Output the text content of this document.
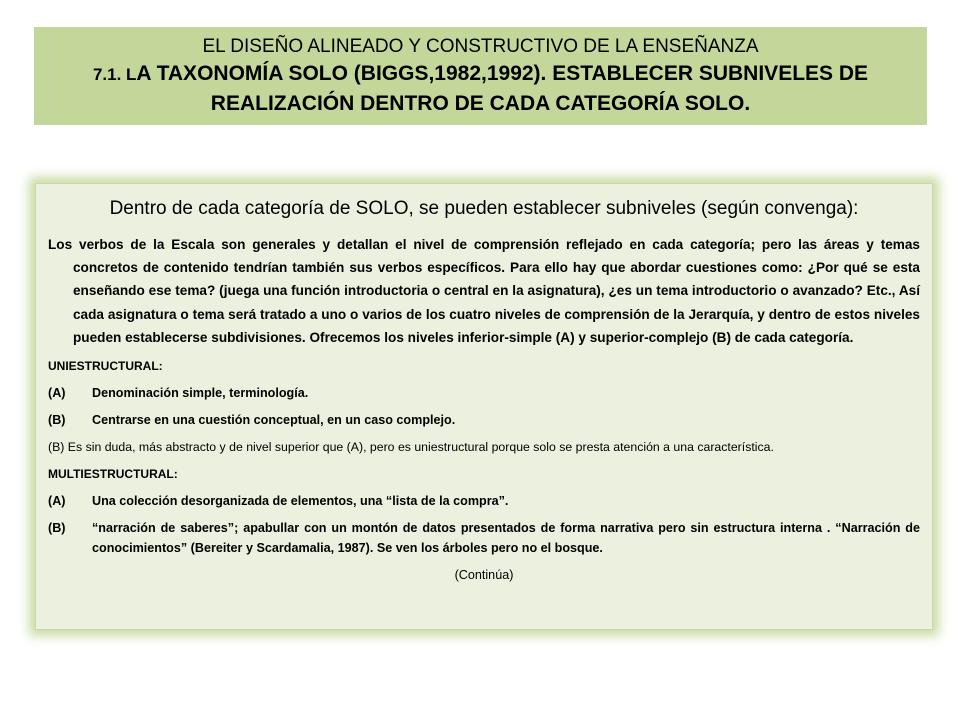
EL DISEÑO ALINEADO Y CONSTRUCTIVO DE LA ENSEÑANZA
7.1. LA TAXONOMÍA SOLO (BIGGS,1982,1992). ESTABLECER SUBNIVELES DE REALIZACIÓN DENTRO DE CADA CATEGORÍA SOLO.
Dentro de cada categoría de SOLO, se pueden establecer subniveles (según convenga):
Los verbos de la Escala son generales y detallan el nivel de comprensión reflejado en cada categoría; pero las áreas y temas concretos de contenido tendrían también sus verbos específicos. Para ello hay que abordar cuestiones como: ¿Por qué se esta enseñando ese tema? (juega una función introductoria o central en la asignatura), ¿es un tema introductorio o avanzado? Etc., Así cada asignatura o tema será tratado a uno o varios de los cuatro niveles de comprensión de la Jerarquía, y dentro de estos niveles pueden establecerse subdivisiones. Ofrecemos los niveles inferior-simple (A) y superior-complejo (B) de cada categoría.
UNIESTRUCTURAL:
(A)	Denominación simple, terminología.
(B)	Centrarse en una cuestión conceptual, en un caso complejo.
(B) Es sin duda, más abstracto y de nivel superior que (A), pero es uniestructural porque solo se presta atención a una característica.
MULTIESTRUCTURAL:
(A)	Una colección desorganizada de elementos, una “lista de la compra”.
(B)	“narración de saberes”; apabullar con un montón de datos presentados de forma narrativa pero sin estructura interna . “Narración de conocimientos” (Bereiter y Scardamalia, 1987). Se ven los árboles pero no el bosque.
(Continúa)
